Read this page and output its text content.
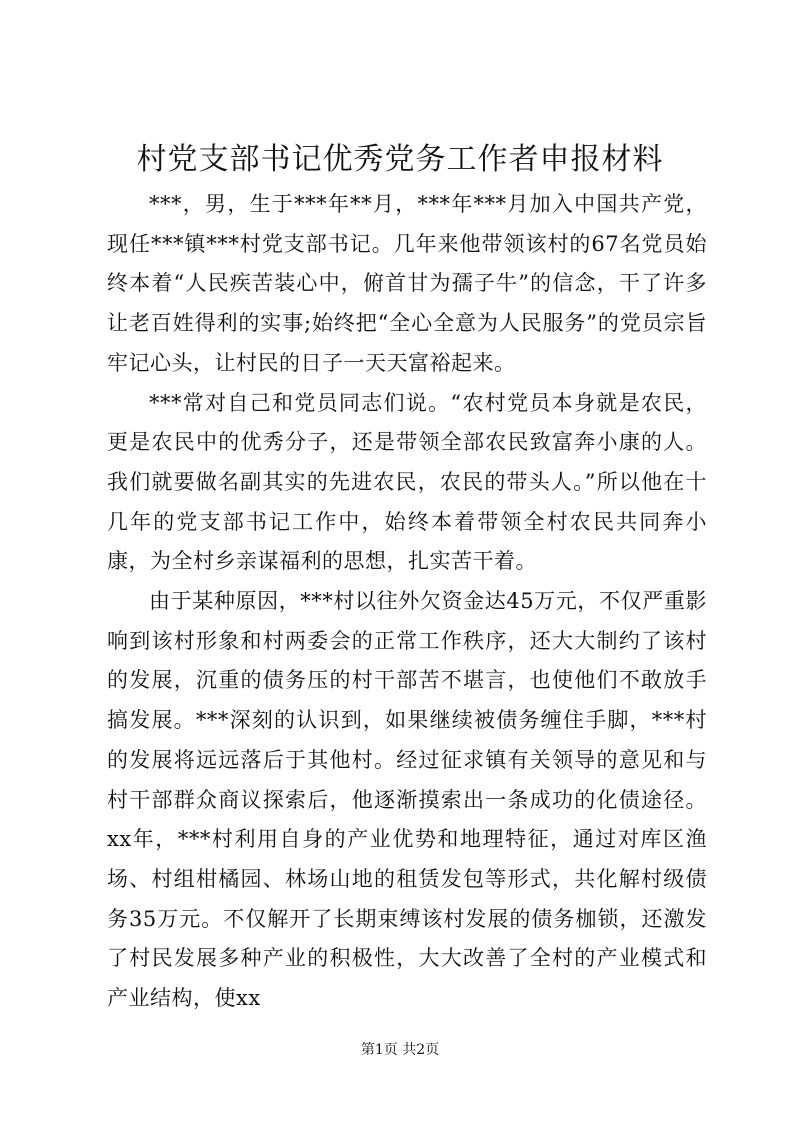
村党支部书记优秀党务工作者申报材料

***，男，生于***年**月，***年***月加入中国共产党，现任***镇***村党支部书记。几年来他带领该村的67名党员始终本着“人民疾苦装心中，俯首甘为孺子牛”的信念，干了许多让老百姓得利的实事;始终把“全心全意为人民服务”的党员宗旨牢记心头，让村民的日子一天天富裕起来。

***常对自己和党员同志们说。“农村党员本身就是农民，更是农民中的优秀分子，还是带领全部农民致富奔小康的人。我们就要做名副其实的先进农民，农民的带头人。”所以他在十几年的党支部书记工作中，始终本着带领全村农民共同奔小康，为全村乡亲谋福利的思想，扎实苦干着。

由于某种原因，***村以往外欠资金达45万元，不仅严重影响到该村形象和村两委会的正常工作秩序，还大大制约了该村的发展，沉重的债务压的村干部苦不堪言，也使他们不敢放手搞发展。***深刻的认识到，如果继续被债务缠住手脚，***村的发展将远远落后于其他村。经过征求镇有关领导的意见和与村干部群众商议探索后，他逐渐摸索出一条成功的化债途径。xx年，***村利用自身的产业优势和地理特征，通过对库区渔场、村组柑橘园、林场山地的租赁发包等形式，共化解村级债务35万元。不仅解开了长期束缚该村发展的债务枷锁，还激发了村民发展多种产业的积极性，大大改善了全村的产业模式和产业结构，使xx

第1页 共2页
